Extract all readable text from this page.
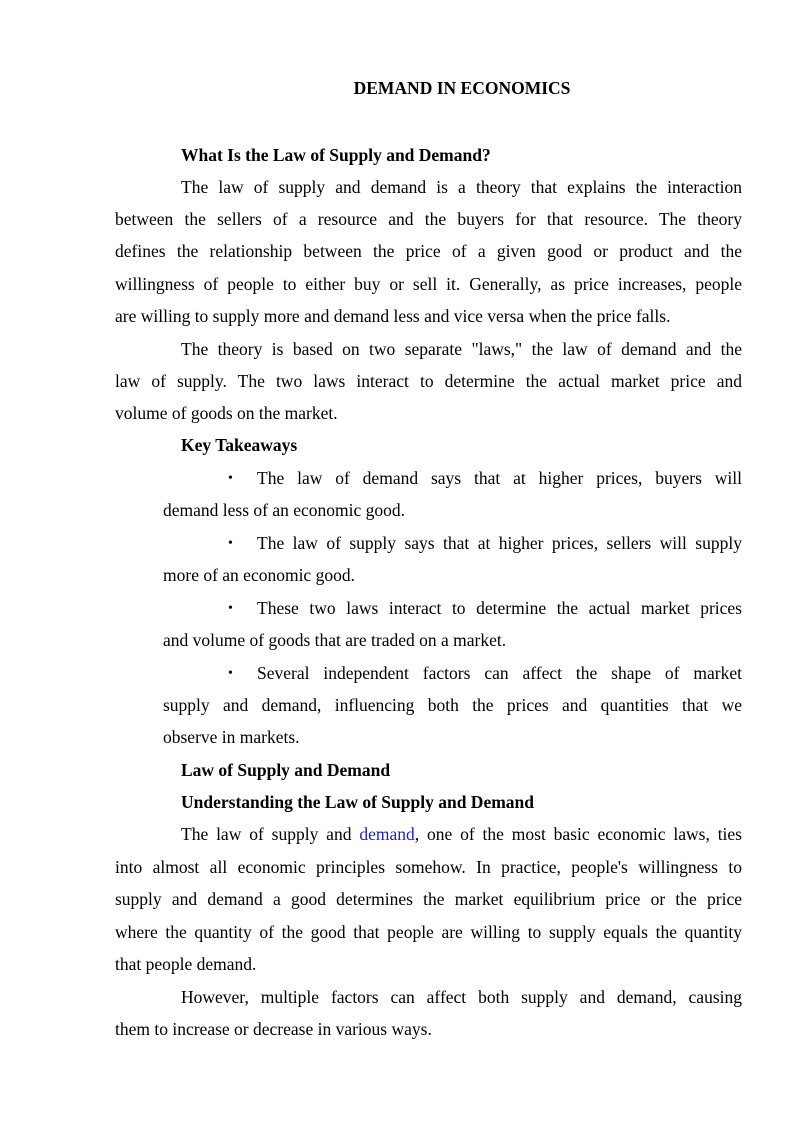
DEMAND IN ECONOMICS
What Is the Law of Supply and Demand?
The law of supply and demand is a theory that explains the interaction
between the sellers of a resource and the buyers for that resource. The theory
defines the relationship between the price of a given good or product and the
willingness of people to either buy or sell it. Generally, as price increases, people
are willing to supply more and demand less and vice versa when the price falls.
The theory is based on two separate "laws," the law of demand and the
law of supply. The two laws interact to determine the actual market price and
volume of goods on the market.
Key Takeaways
• The law of demand says that at higher prices, buyers will
demand less of an economic good.
• The law of supply says that at higher prices, sellers will supply
more of an economic good.
• These two laws interact to determine the actual market prices
and volume of goods that are traded on a market.
• Several independent factors can affect the shape of market
supply and demand, influencing both the prices and quantities that we
observe in markets.
Law of Supply and Demand
Understanding the Law of Supply and Demand
The law of supply and demand, one of the most basic economic laws, ties
into almost all economic principles somehow. In practice, people's willingness to
supply and demand a good determines the market equilibrium price or the price
where the quantity of the good that people are willing to supply equals the quantity
that people demand.
However, multiple factors can affect both supply and demand, causing
them to increase or decrease in various ways.
